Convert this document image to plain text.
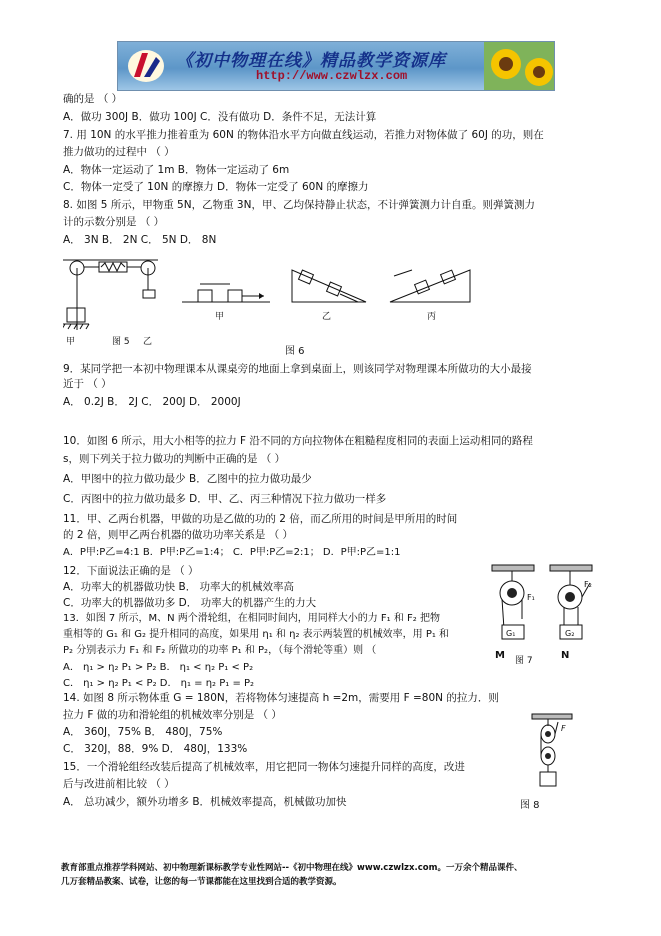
《初中物理在线》精品教学资源库
http://www.czwlzx.com
确的是 （ ）
A．做功 300J B．做功 100J C．没有做功 D．条件不足，无法计算
7. 用 10N 的水平推力推着重为 60N 的物体沿水平方向做直线运动，若推力对物体做了 60J 的功，则在
推力做功的过程中 （ ）
A．物体一定运动了 1m B．物体一定运动了 6m
C．物体一定受了 10N 的摩擦力 D．物体一定受了 60N 的摩擦力
8. 如图 5 所示，甲物重 5N，乙物重 3N，甲、乙均保持静止状态，不计弹簧测力计自重。则弹簧测力
计的示数分别是 （ ）
A． 3N B． 2N C． 5N D． 8N
甲	图 5 乙
甲	乙	丙
图 6
9．某同学把一本初中物理课本从课桌旁的地面上拿到桌面上，则该同学对物理课本所做功的大小最接
近于 （ ）
A． 0.2J B． 2J C． 200J D． 2000J
10．如图 6 所示，用大小相等的拉力 F 沿不同的方向拉物体在粗糙程度相同的表面上运动相同的路程
s，则下列关于拉力做功的判断中正确的是 （ ）
A．甲图中的拉力做功最少 B．乙图中的拉力做功最少
C．丙图中的拉力做功最多 D．甲、乙、丙三种情况下拉力做功一样多
11．甲、乙两台机器，甲做的功是乙做的功的 2 倍，而乙所用的时间是甲所用的时间
的 2 倍，则甲乙两台机器的做功功率关系是 （ ）
A．P甲:P乙=4:1 B．P甲:P乙=1:4； C．P甲:P乙=2:1； D．P甲:P乙=1:1
12．下面说法正确的是 （ ）
A．功率大的机器做功快 B． 功率大的机械效率高
C．功率大的机器做功多 D． 功率大的机器产生的力大
13．如图 7 所示，M、N 两个滑轮组，在相同时间内，用同样大小的力 F₁ 和 F₂ 把物
重相等的 G₁ 和 G₂ 提升相同的高度，如果用 η₁ 和 η₂ 表示两装置的机械效率，用 P₁ 和
P₂ 分别表示力 F₁ 和 F₂ 所做功的功率 P₁ 和 P₂，（每个滑轮等重）则 （
A． η₁ > η₂ P₁ > P₂ B． η₁ < η₂ P₁ < P₂
C． η₁ > η₂ P₁ < P₂ D． η₁ = η₂ P₁ = P₂
G₁	G₂
F₁
F₂
M 图 7	N
14. 如图 8 所示物体重 G = 180N，若将物体匀速提高 h =2m，需要用 F =80N 的拉力．则
拉力 F 做的功和滑轮组的机械效率分别是 （ ）
A． 360J，75% B． 480J，75%
C． 320J，88．9% D． 480J，133%
15．一个滑轮组经改装后提高了机械效率，用它把同一物体匀速提升同样的高度，改进
后与改进前相比较 （ ）
A． 总功减少，额外功增多 B．机械效率提高，机械做功加快
F
图 8
教育部重点推荐学科网站、初中物理新课标教学专业性网站--《初中物理在线》www.czwlzx.com。一万余个精品课件、
几万套精品教案、试卷，让您的每一节课都能在这里找到合适的教学资源。
